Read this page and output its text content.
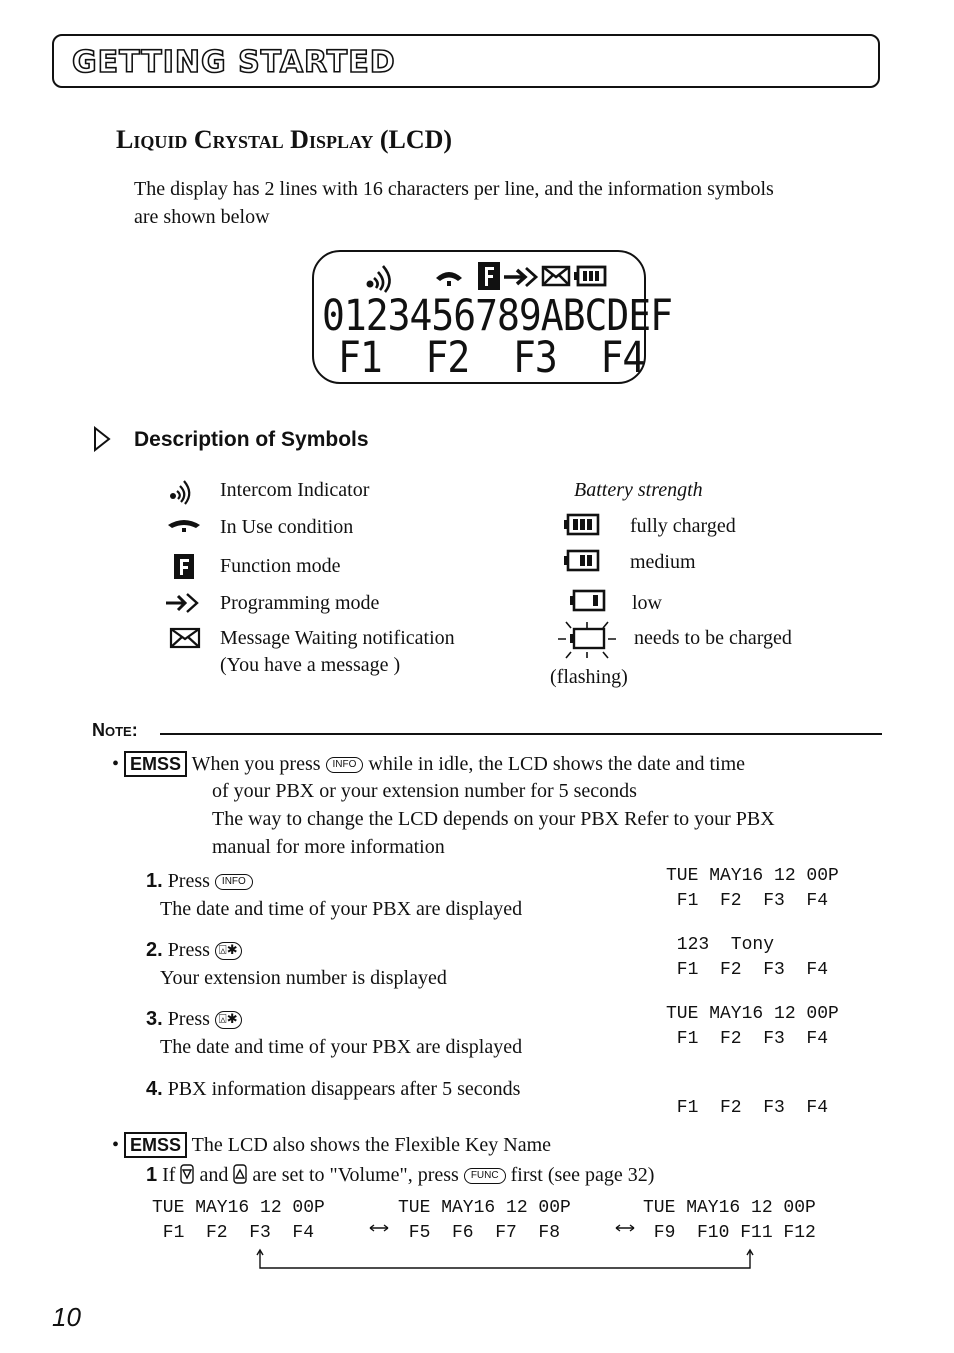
GETTING STARTED
Liquid Crystal Display (LCD)
The display has 2 lines with 16 characters per line, and the information symbols
are shown below
0123456789ABCDEF
F1  F2  F3  F4
Description of Symbols
Intercom Indicator
In Use condition
Function mode
Programming mode
Message Waiting notification
(You have a message )
Battery strength
fully charged
medium
low
needs to be charged
(flashing)
Note:
• EMSS When you press INFO while in idle, the LCD shows the date and time
of your PBX or your extension number for 5 seconds
The way to change the LCD depends on your PBX Refer to your PBX
manual for more information
1. Press INFO
The date and time of your PBX are displayed
TUE MAY16 12 00P
F1  F2  F3  F4
2. Press ⍓✱
Your extension number is displayed
123  Tony
F1  F2  F3  F4
3. Press ⍓✱
The date and time of your PBX are displayed
TUE MAY16 12 00P
F1  F2  F3  F4
4. PBX information disappears after 5 seconds
F1  F2  F3  F4
• EMSS The LCD also shows the Flexible Key Name
1 If and are set to "Volume", press FUNC first (see page 32)
TUE MAY16 12 00P
F1  F2  F3  F4
TUE MAY16 12 00P
F5  F6  F7  F8
TUE MAY16 12 00P
F9  F10 F11 F12
10
